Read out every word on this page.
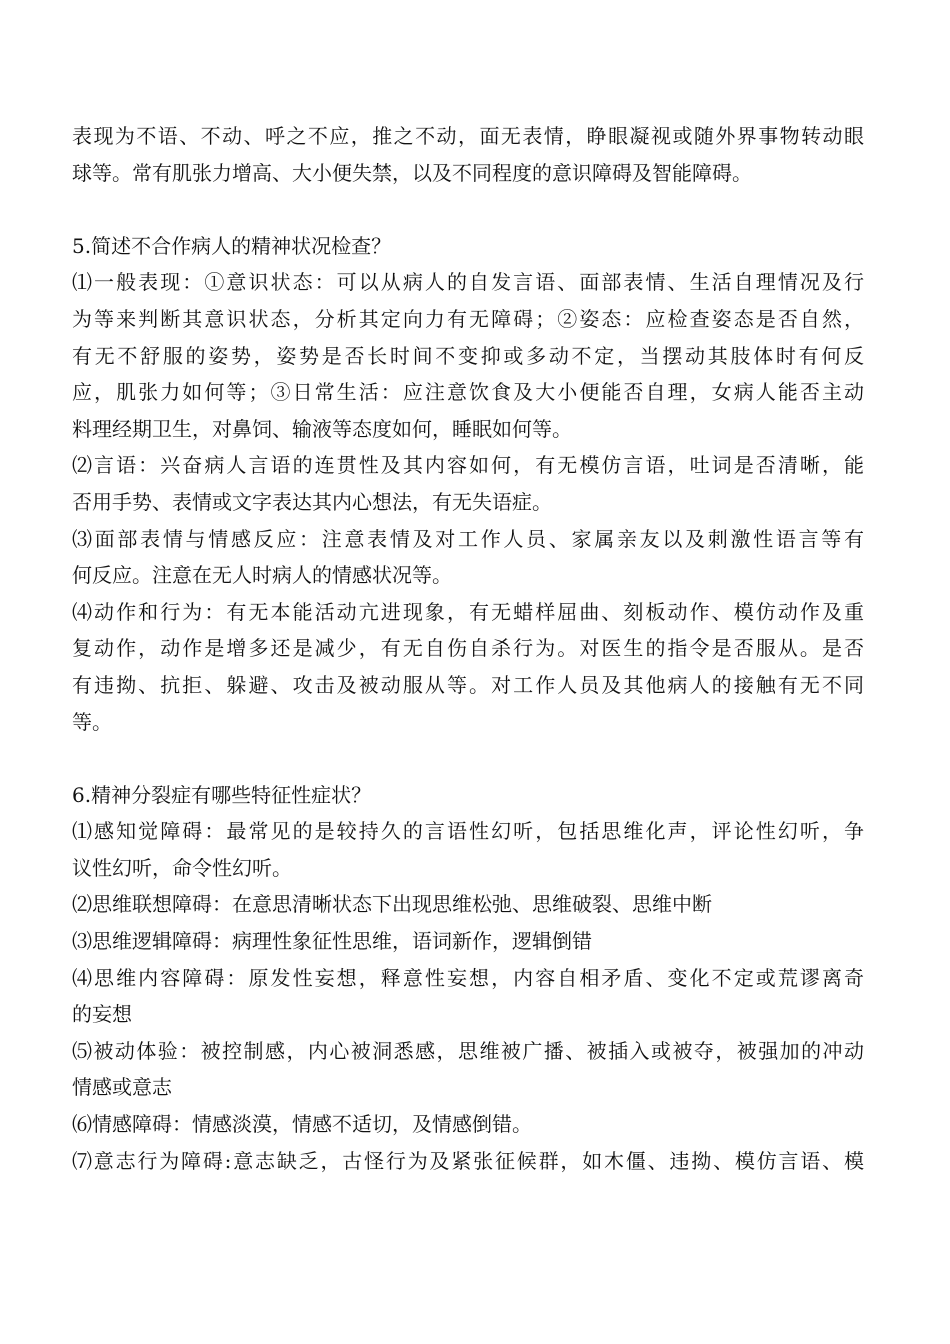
表现为不语、不动、呼之不应，推之不动，面无表情，睁眼凝视或随外界事物转动眼
球等。常有肌张力增高、大小便失禁，以及不同程度的意识障碍及智能障碍。
5.简述不合作病人的精神状况检查？
⑴一般表现：①意识状态：可以从病人的自发言语、面部表情、生活自理情况及行
为等来判断其意识状态，分析其定向力有无障碍；②姿态：应检查姿态是否自然，
有无不舒服的姿势，姿势是否长时间不变抑或多动不定，当摆动其肢体时有何反
应，肌张力如何等；③日常生活：应注意饮食及大小便能否自理，女病人能否主动
料理经期卫生，对鼻饲、输液等态度如何，睡眠如何等。
⑵言语：兴奋病人言语的连贯性及其内容如何，有无模仿言语，吐词是否清晰，能
否用手势、表情或文字表达其内心想法，有无失语症。
⑶面部表情与情感反应：注意表情及对工作人员、家属亲友以及刺激性语言等有
何反应。注意在无人时病人的情感状况等。
⑷动作和行为：有无本能活动亢进现象，有无蜡样屈曲、刻板动作、模仿动作及重
复动作，动作是增多还是减少，有无自伤自杀行为。对医生的指令是否服从。是否
有违拗、抗拒、躲避、攻击及被动服从等。对工作人员及其他病人的接触有无不同
等。
6.精神分裂症有哪些特征性症状？
⑴感知觉障碍：最常见的是较持久的言语性幻听，包括思维化声，评论性幻听，争
议性幻听，命令性幻听。
⑵思维联想障碍：在意思清晰状态下出现思维松弛、思维破裂、思维中断
⑶思维逻辑障碍：病理性象征性思维，语词新作，逻辑倒错
⑷思维内容障碍：原发性妄想，释意性妄想，内容自相矛盾、变化不定或荒谬离奇
的妄想
⑸被动体验：被控制感，内心被洞悉感，思维被广播、被插入或被夺，被强加的冲动
情感或意志
⑹情感障碍：情感淡漠，情感不适切，及情感倒错。
⑺意志行为障碍:意志缺乏，古怪行为及紧张征候群，如木僵、违拗、模仿言语、模
